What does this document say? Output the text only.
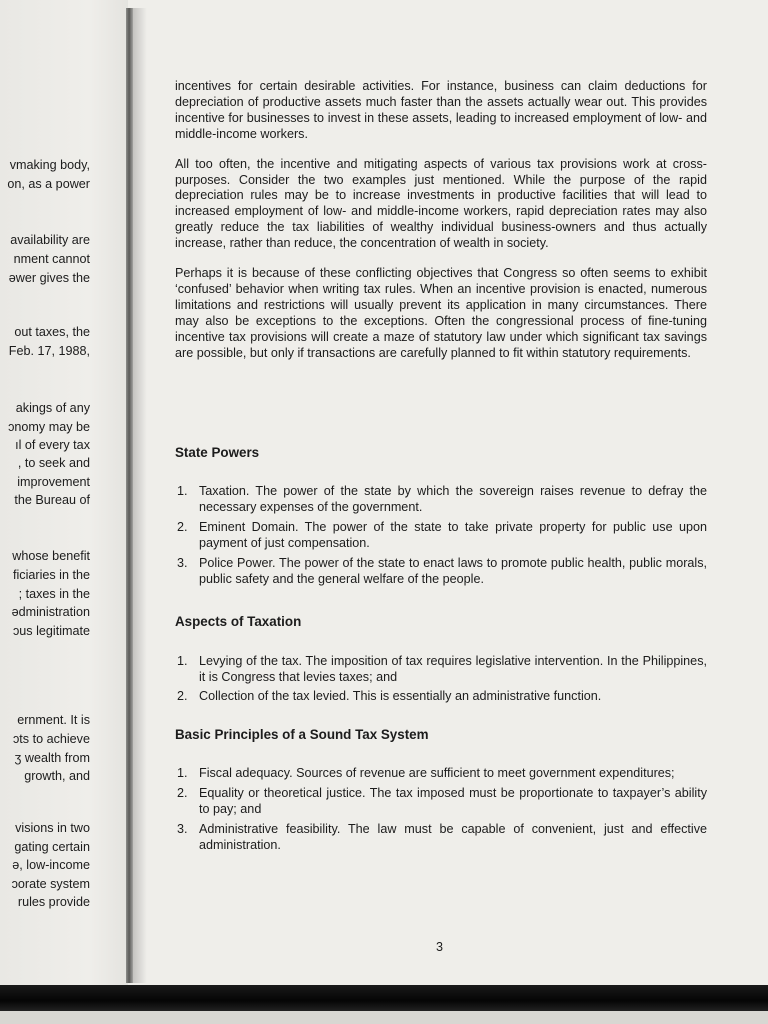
vmaking body,
on, as a power
availability are
nment cannot
əwer gives the
out taxes, the
Feb. 17, 1988,
akings of any
ɔnomy may be
ıl of every tax
, to seek and
improvement
the Bureau of
whose benefit
ficiaries in the
; taxes in the
ədministration
ɔus legitimate
ernment. It is
ɔts to achieve
ʒ wealth from
growth, and
visions in two
gating certain
ə, low-income
ɔorate system
rules provide

incentives for certain desirable activities. For instance, business can claim deductions for depreciation of productive assets much faster than the assets actually wear out. This provides incentive for businesses to invest in these assets, leading to increased employment of low- and middle-income workers.

All too often, the incentive and mitigating aspects of various tax provisions work at cross-purposes. Consider the two examples just mentioned. While the purpose of the rapid depreciation rules may be to increase investments in productive facilities that will lead to increased employment of low- and middle-income workers, rapid depreciation rates may also greatly reduce the tax liabilities of wealthy individual business-owners and thus actually increase, rather than reduce, the concentration of wealth in society.

Perhaps it is because of these conflicting objectives that Congress so often seems to exhibit ‘confused’ behavior when writing tax rules. When an incentive provision is enacted, numerous limitations and restrictions will usually prevent its application in many circumstances. There may also be exceptions to the exceptions. Often the congressional process of fine-tuning incentive tax provisions will create a maze of statutory law under which significant tax savings are possible, but only if transactions are carefully planned to fit within statutory requirements.

State Powers
1. Taxation. The power of the state by which the sovereign raises revenue to defray the necessary expenses of the government.
2. Eminent Domain. The power of the state to take private property for public use upon payment of just compensation.
3. Police Power. The power of the state to enact laws to promote public health, public morals, public safety and the general welfare of the people.
Aspects of Taxation
1. Levying of the tax. The imposition of tax requires legislative intervention. In the Philippines, it is Congress that levies taxes; and
2. Collection of the tax levied. This is essentially an administrative function.
Basic Principles of a Sound Tax System
1. Fiscal adequacy. Sources of revenue are sufficient to meet government expenditures;
2. Equality or theoretical justice. The tax imposed must be proportionate to taxpayer’s ability to pay; and
3. Administrative feasibility. The law must be capable of convenient, just and effective administration.
3
